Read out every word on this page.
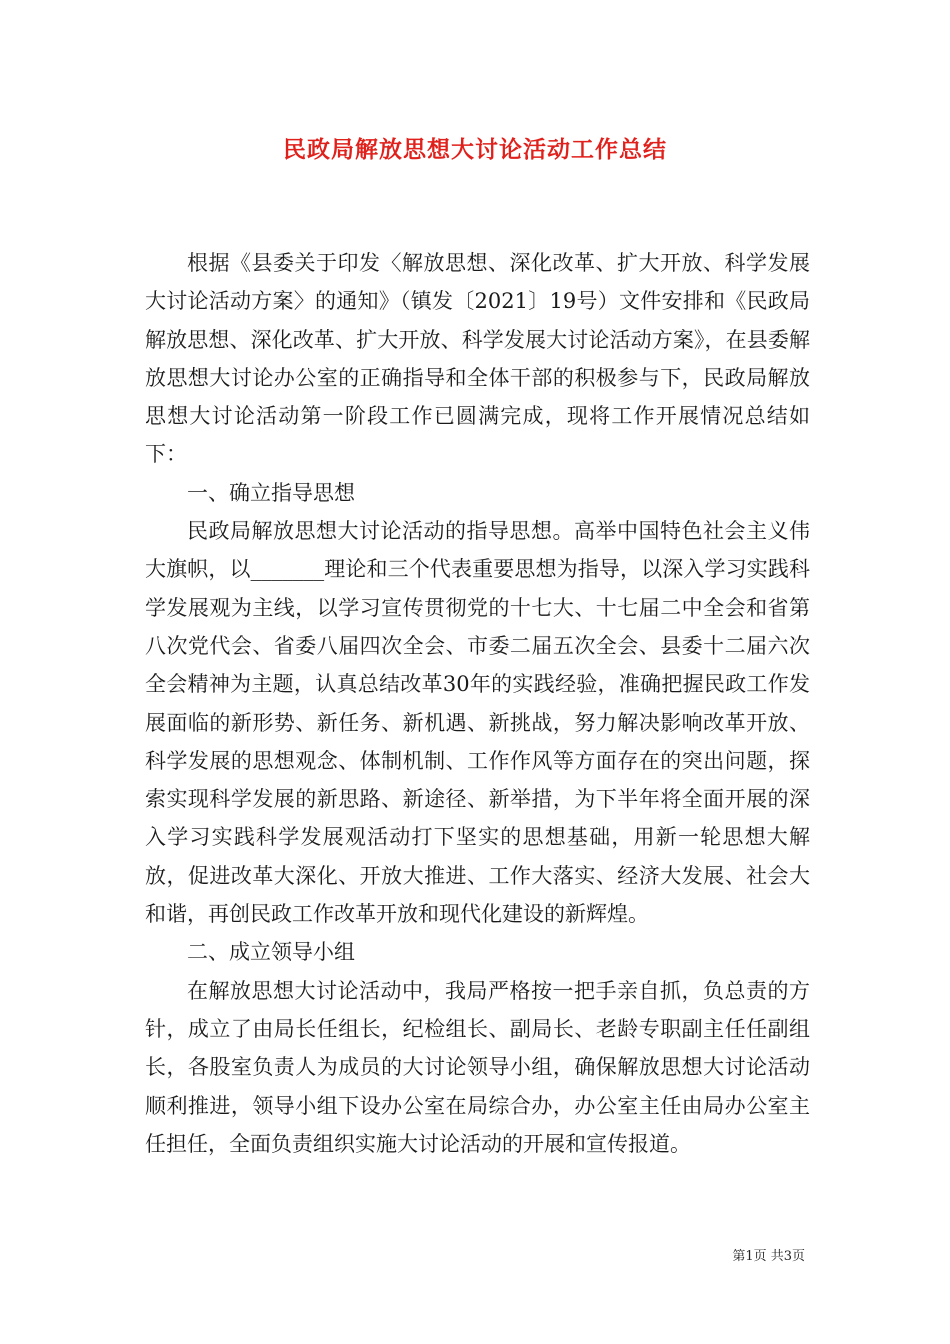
民政局解放思想大讨论活动工作总结

根据《县委关于印发〈解放思想、深化改革、扩大开放、科学发展大讨论活动方案〉的通知》（镇发〔2021〕19号）文件安排和《民政局解放思想、深化改革、扩大开放、科学发展大讨论活动方案》，在县委解放思想大讨论办公室的正确指导和全体干部的积极参与下，民政局解放思想大讨论活动第一阶段工作已圆满完成，现将工作开展情况总结如下：

一、确立指导思想

民政局解放思想大讨论活动的指导思想。高举中国特色社会主义伟大旗帜，以_______理论和三个代表重要思想为指导，以深入学习实践科学发展观为主线，以学习宣传贯彻党的十七大、十七届二中全会和省第八次党代会、省委八届四次全会、市委二届五次全会、县委十二届六次全会精神为主题，认真总结改革30年的实践经验，准确把握民政工作发展面临的新形势、新任务、新机遇、新挑战，努力解决影响改革开放、科学发展的思想观念、体制机制、工作作风等方面存在的突出问题，探索实现科学发展的新思路、新途径、新举措，为下半年将全面开展的深入学习实践科学发展观活动打下坚实的思想基础，用新一轮思想大解放，促进改革大深化、开放大推进、工作大落实、经济大发展、社会大和谐，再创民政工作改革开放和现代化建设的新辉煌。

二、成立领导小组

在解放思想大讨论活动中，我局严格按一把手亲自抓，负总责的方针，成立了由局长任组长，纪检组长、副局长、老龄专职副主任任副组长，各股室负责人为成员的大讨论领导小组，确保解放思想大讨论活动顺利推进，领导小组下设办公室在局综合办，办公室主任由局办公室主任担任，全面负责组织实施大讨论活动的开展和宣传报道。

第1页 共3页
